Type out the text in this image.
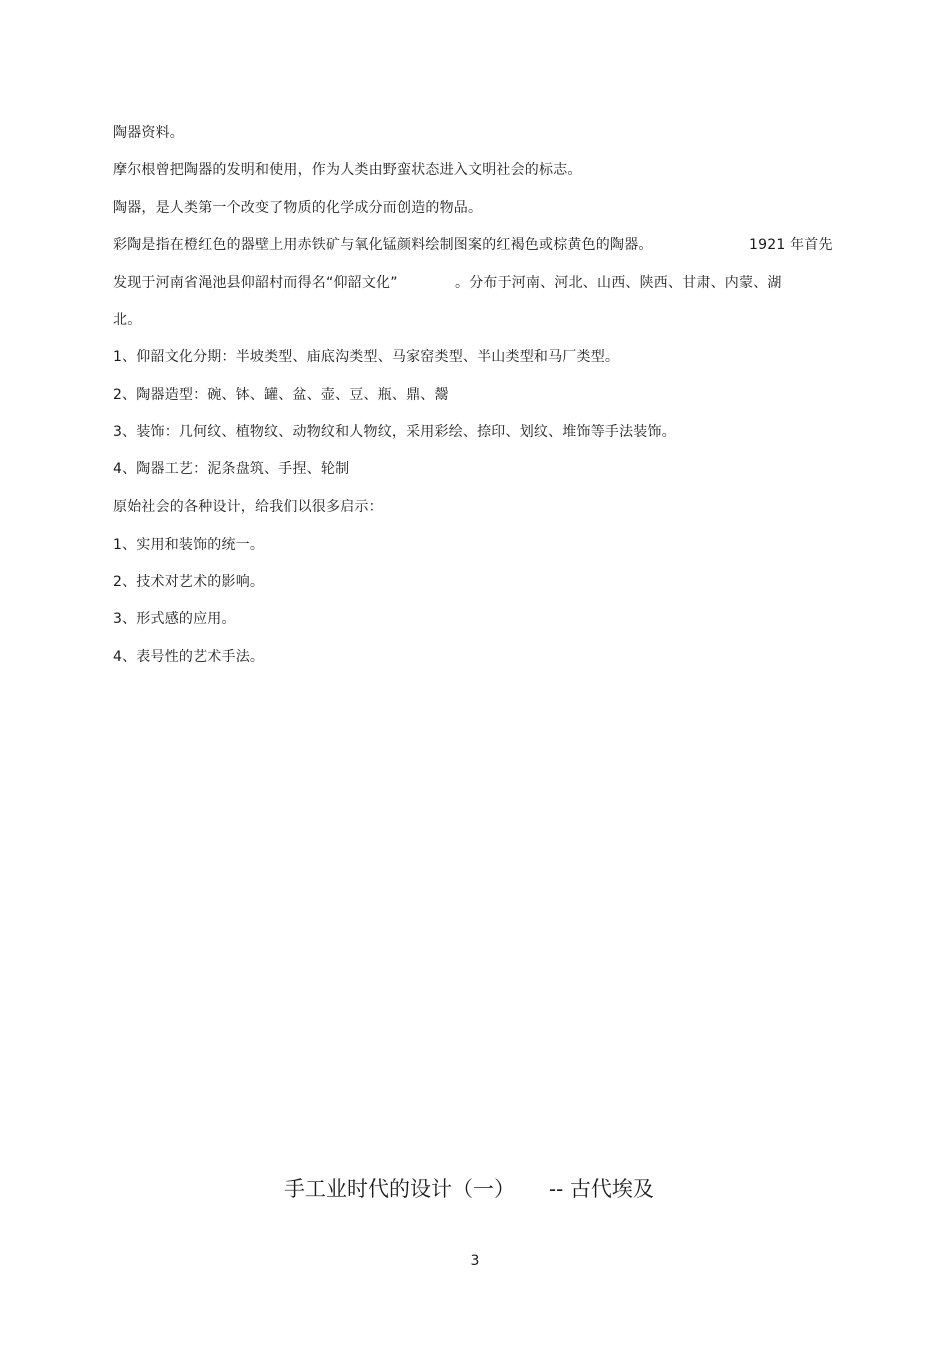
陶器资料。
摩尔根曾把陶器的发明和使用，作为人类由野蛮状态进入文明社会的标志。
陶器，是人类第一个改变了物质的化学成分而创造的物品。
彩陶是指在橙红色的器壁上用赤铁矿与氧化锰颜料绘制图案的红褐色或棕黄色的陶器。	1921 年首先
发现于河南省渑池县仰韶村而得名“仰韶文化”	。分布于河南、河北、山西、陕西、甘肃、内蒙、湖
北。
1、仰韶文化分期：半坡类型、庙底沟类型、马家窑类型、半山类型和马厂类型。
2、陶器造型：碗、钵、罐、盆、壶、豆、瓶、鼎、鬶
3、装饰：几何纹、植物纹、动物纹和人物纹，采用彩绘、捺印、划纹、堆饰等手法装饰。
4、陶器工艺：泥条盘筑、手捏、轮制
原始社会的各种设计，给我们以很多启示：
1、实用和装饰的统一。
2、技术对艺术的影响。
3、形式感的应用。
4、表号性的艺术手法。
手工业时代的设计（一） -- 古代埃及
3
